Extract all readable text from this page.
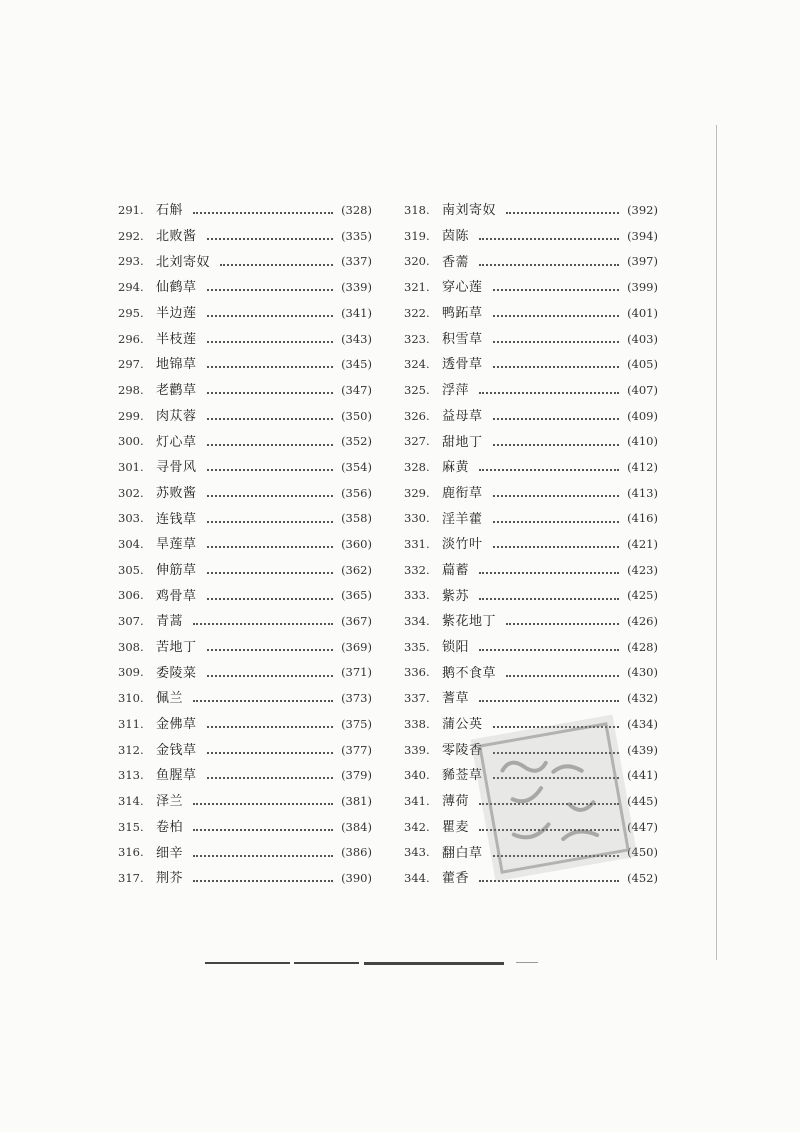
291. 石斛	(328)
292. 北败酱	(335)
293. 北刘寄奴	(337)
294. 仙鹤草	(339)
295. 半边莲	(341)
296. 半枝莲	(343)
297. 地锦草	(345)
298. 老鹳草	(347)
299. 肉苁蓉	(350)
300. 灯心草	(352)
301. 寻骨风	(354)
302. 苏败酱	(356)
303. 连钱草	(358)
304. 旱莲草	(360)
305. 伸筋草	(362)
306. 鸡骨草	(365)
307. 青蒿	(367)
308. 苦地丁	(369)
309. 委陵菜	(371)
310. 佩兰	(373)
311. 金佛草	(375)
312. 金钱草	(377)
313. 鱼腥草	(379)
314. 泽兰	(381)
315. 卷柏	(384)
316. 细辛	(386)
317. 荆芥	(390)
318. 南刘寄奴	(392)
319. 茵陈	(394)
320. 香薷	(397)
321. 穿心莲	(399)
322. 鸭跖草	(401)
323. 积雪草	(403)
324. 透骨草	(405)
325. 浮萍	(407)
326. 益母草	(409)
327. 甜地丁	(410)
328. 麻黄	(412)
329. 鹿衔草	(413)
330. 淫羊藿	(416)
331. 淡竹叶	(421)
332. 萹蓄	(423)
333. 紫苏	(425)
334. 紫花地丁	(426)
335. 锁阳	(428)
336. 鹅不食草	(430)
337. 蓍草	(432)
338. 蒲公英	(434)
339. 零陵香	(439)
340. 豨莶草	(441)
341. 薄荷	(445)
342. 瞿麦	(447)
343. 翻白草	(450)
344. 藿香	(452)
